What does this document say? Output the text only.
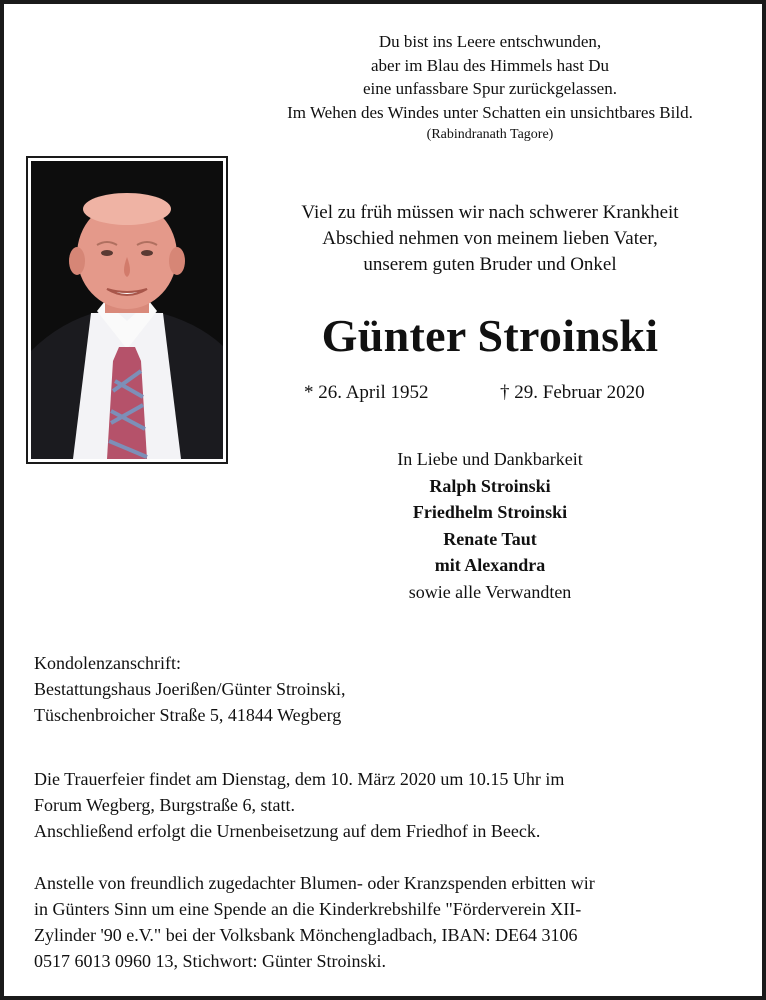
Du bist ins Leere entschwunden,
aber im Blau des Himmels hast Du
eine unfassbare Spur zurückgelassen.
Im Wehen des Windes unter Schatten ein unsichtbares Bild.
(Rabindranath Tagore)
Viel zu früh müssen wir nach schwerer Krankheit
Abschied nehmen von meinem lieben Vater,
unserem guten Bruder und Onkel
Günter Stroinski
* 26. April 1952	† 29. Februar 2020
In Liebe und Dankbarkeit
Ralph Stroinski
Friedhelm Stroinski
Renate Taut
mit Alexandra
sowie alle Verwandten
Kondolenzanschrift:
Bestattungshaus Joerißen/Günter Stroinski,
Tüschenbroicher Straße 5, 41844 Wegberg
Die Trauerfeier findet am Dienstag, dem 10. März 2020 um 10.15 Uhr im
Forum Wegberg, Burgstraße 6, statt.
Anschließend erfolgt die Urnenbeisetzung auf dem Friedhof in Beeck.
Anstelle von freundlich zugedachter Blumen- oder Kranzspenden erbitten wir
in Günters Sinn um eine Spende an die Kinderkrebshilfe "Förderverein XII-
Zylinder '90 e.V." bei der Volksbank Mönchengladbach, IBAN: DE64 3106
0517 6013 0960 13, Stichwort: Günter Stroinski.
